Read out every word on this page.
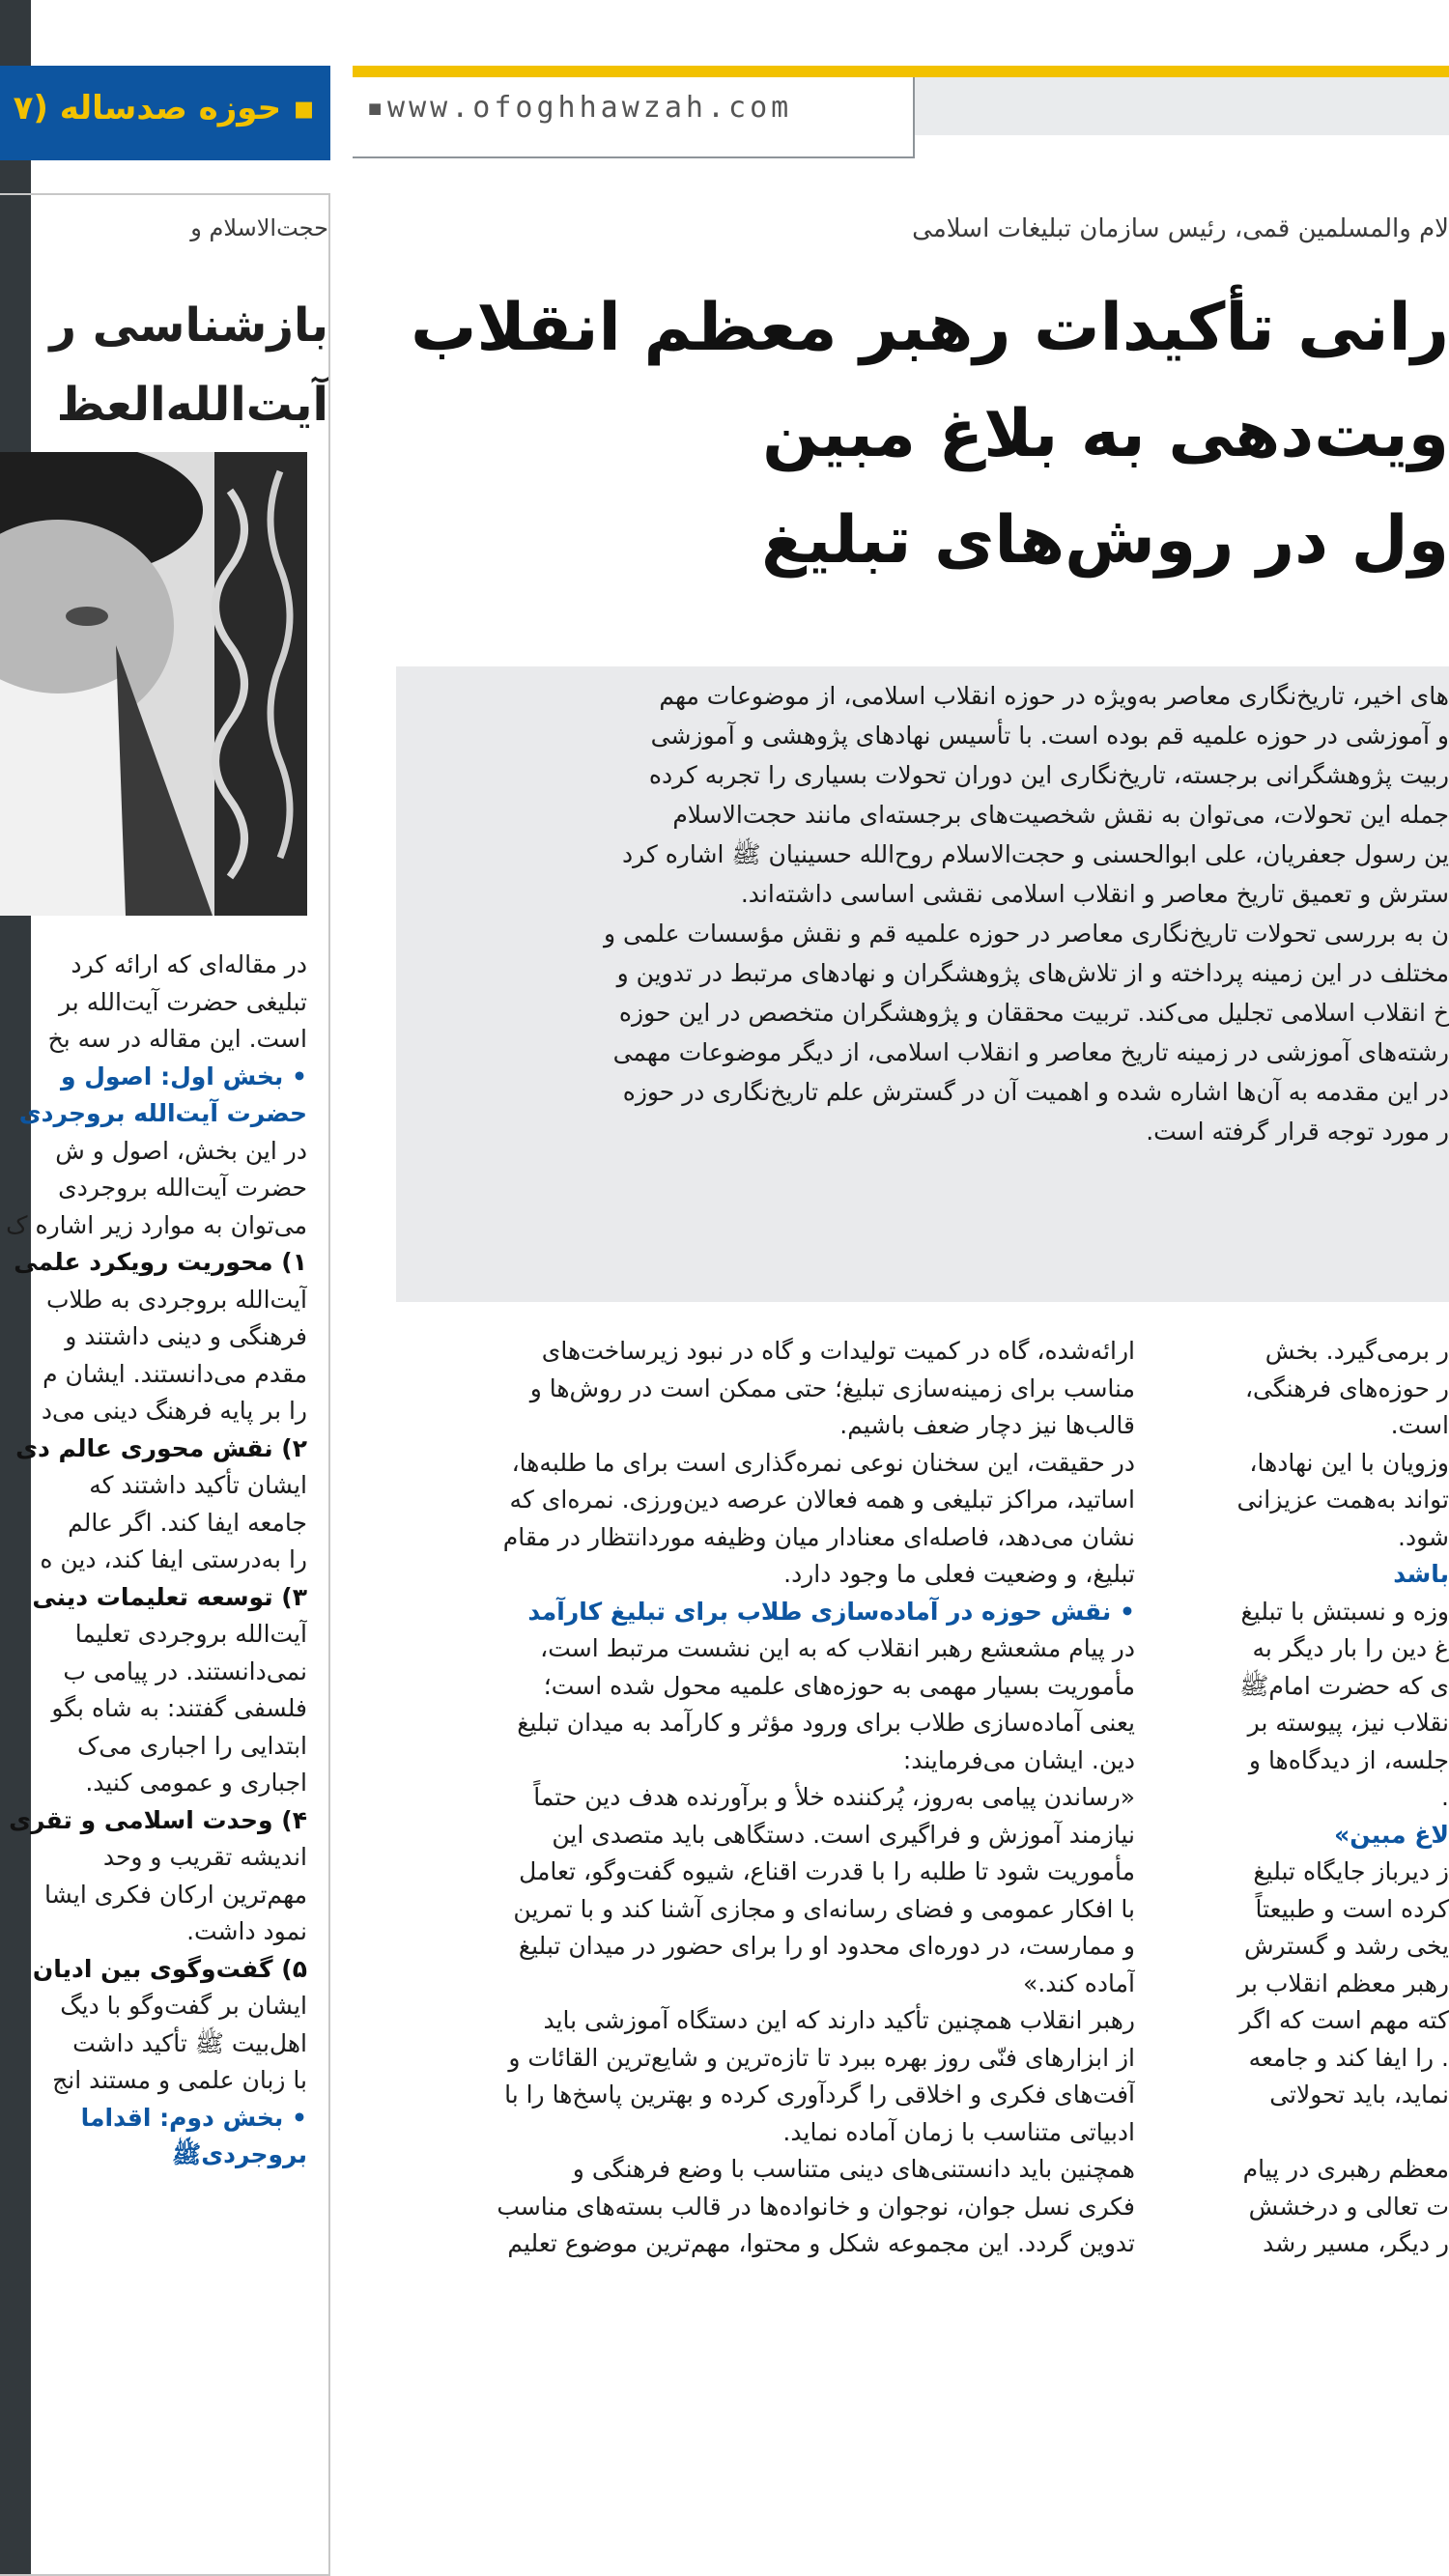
▪www.ofoghhawzah.com
▪ حوزه صدساله (۷
حجت‌الاسلام و
بازشناسی ر
آیت‌الله‌العظ
در مقاله‌ای که ارائه کرد
تبلیغی حضرت آیت‌الله بر
است. این مقاله در سه بخ
• بخش اول: اصول و
حضرت آیت‌الله بروجردی
در این بخش، اصول و ش
حضرت آیت‌الله بروجردی
می‌توان به موارد زیر اشاره ک
۱) محوریت رویکرد علمی
آیت‌الله بروجردی به طلاب
فرهنگی و دینی داشتند و
مقدم می‌دانستند. ایشان م
را بر پایه فرهنگ دینی می‌د
۲) نقش محوری عالم دی
ایشان تأکید داشتند که
جامعه ایفا کند. اگر عالم
را به‌درستی ایفا کند، دین ه
۳) توسعه تعلیمات دینی
آیت‌الله بروجردی تعلیما
نمی‌دانستند. در پیامی ب
فلسفی گفتند: به شاه بگو
ابتدایی را اجباری می‌ک
اجباری و عمومی کنید.
۴) وحدت اسلامی و تقری
اندیشه تقریب و وحد
مهم‌ترین ارکان فکری ایشا
نمود داشت.
۵) گفت‌وگوی بین ادیان
ایشان بر گفت‌وگو با دیگ
اهل‌بیت ﷺ تأکید داشت
با زبان علمی و مستند انج
• بخش دوم: اقداما
بروجردیﷺ
لام والمسلمین قمی، رئیس سازمان تبلیغات اسلامی
رانی تأکیدات رهبر معظم انقلاب
ویت‌دهی به بلاغ مبین
ول در روش‌های تبلیغ

های اخیر، تاریخ‌نگاری معاصر به‌ویژه در حوزه انقلاب اسلامی، از موضوعات مهم

و آموزشی در حوزه علمیه قم بوده است. با تأسیس نهادهای پژوهشی و آموزشی

ربیت پژوهشگرانی برجسته، تاریخ‌نگاری این دوران تحولات بسیاری را تجربه کرده

جمله این تحولات، می‌توان به نقش شخصیت‌های برجسته‌ای مانند حجت‌الاسلام

ین رسول جعفریان، علی ابوالحسنی و حجت‌الاسلام روح‌الله حسینیان ﷺ اشاره کرد

سترش و تعمیق تاریخ معاصر و انقلاب اسلامی نقشی اساسی داشته‌اند.

ن به بررسی تحولات تاریخ‌نگاری معاصر در حوزه علمیه قم و نقش مؤسسات علمی و

مختلف در این زمینه پرداخته و از تلاش‌های پژوهشگران و نهادهای مرتبط در تدوین و

خ انقلاب اسلامی تجلیل می‌کند. تربیت محققان و پژوهشگران متخصص در این حوزه

رشته‌های آموزشی در زمینه تاریخ معاصر و انقلاب اسلامی، از دیگر موضوعات مهمی

در این مقدمه به آن‌ها اشاره شده و اهمیت آن در گسترش علم تاریخ‌نگاری در حوزه

ر مورد توجه قرار گرفته است.

ارائه‌شده، گاه در کمیت تولیدات و گاه در نبود زیرساخت‌های
مناسب برای زمینه‌سازی تبلیغ؛ حتی ممکن است در روش‌ها و
قالب‌ها نیز دچار ضعف باشیم.
در حقیقت، این سخنان نوعی نمره‌گذاری است برای ما طلبه‌ها،
اساتید، مراکز تبلیغی و همه فعالان عرصه دین‌ورزی. نمره‌ای که
نشان می‌دهد، فاصله‌ای معنادار میان وظیفه موردانتظار در مقام
تبلیغ، و وضعیت فعلی ما وجود دارد.
• نقش حوزه در آماده‌سازی طلاب برای تبلیغ کارآمد
در پیام مشعشع رهبر انقلاب که به این نشست مرتبط است،
مأموریت بسیار مهمی به حوزه‌های علمیه محول شده است؛
یعنی آماده‌سازی طلاب برای ورود مؤثر و کارآمد به میدان تبلیغ
دین. ایشان می‌فرمایند:
«رساندن پیامی به‌روز، پُرکننده خلأ و برآورنده هدف دین حتماً
نیازمند آموزش و فراگیری است. دستگاهی باید متصدی این
مأموریت شود تا طلبه را با قدرت اقناع، شیوه گفت‌وگو، تعامل
با افکار عمومی و فضای رسانه‌ای و مجازی آشنا کند و با تمرین
و ممارست، در دوره‌ای محدود او را برای حضور در میدان تبلیغ
آماده کند.»
رهبر انقلاب همچنین تأکید دارند که این دستگاه آموزشی باید
از ابزارهای فنّی روز بهره ببرد تا تازه‌ترین و شایع‌ترین القائات و
آفت‌های فکری و اخلاقی را گردآوری کرده و بهترین پاسخ‌ها را با
ادبیاتی متناسب با زمان آماده نماید.
همچنین باید دانستنی‌های دینی متناسب با وضع فرهنگی و
فکری نسل جوان، نوجوان و خانواده‌ها در قالب بسته‌های مناسب
تدوین گردد. این مجموعه شکل و محتوا، مهم‌ترین موضوع تعلیم
ر برمی‌گیرد. بخش
ر حوزه‌های فرهنگی،
است.
وزویان با این نهادها،
تواند به‌همت عزیزانی
شود.
باشد
وزه و نسبتش با تبلیغ
غ دین را بار دیگر به
ی که حضرت امامﷺ
نقلاب نیز، پیوسته بر
جلسه، از دیدگاه‌ها و
.
لاغ مبین»
ز دیرباز جایگاه تبلیغ
کرده است و طبیعتاً
یخی رشد و گسترش
رهبر معظم انقلاب بر
کته مهم است که اگر
. را ایفا کند و جامعه
نماید، باید تحولاتی

معظم رهبری در پیام
ت تعالی و درخشش
ر دیگر، مسیر رشد
